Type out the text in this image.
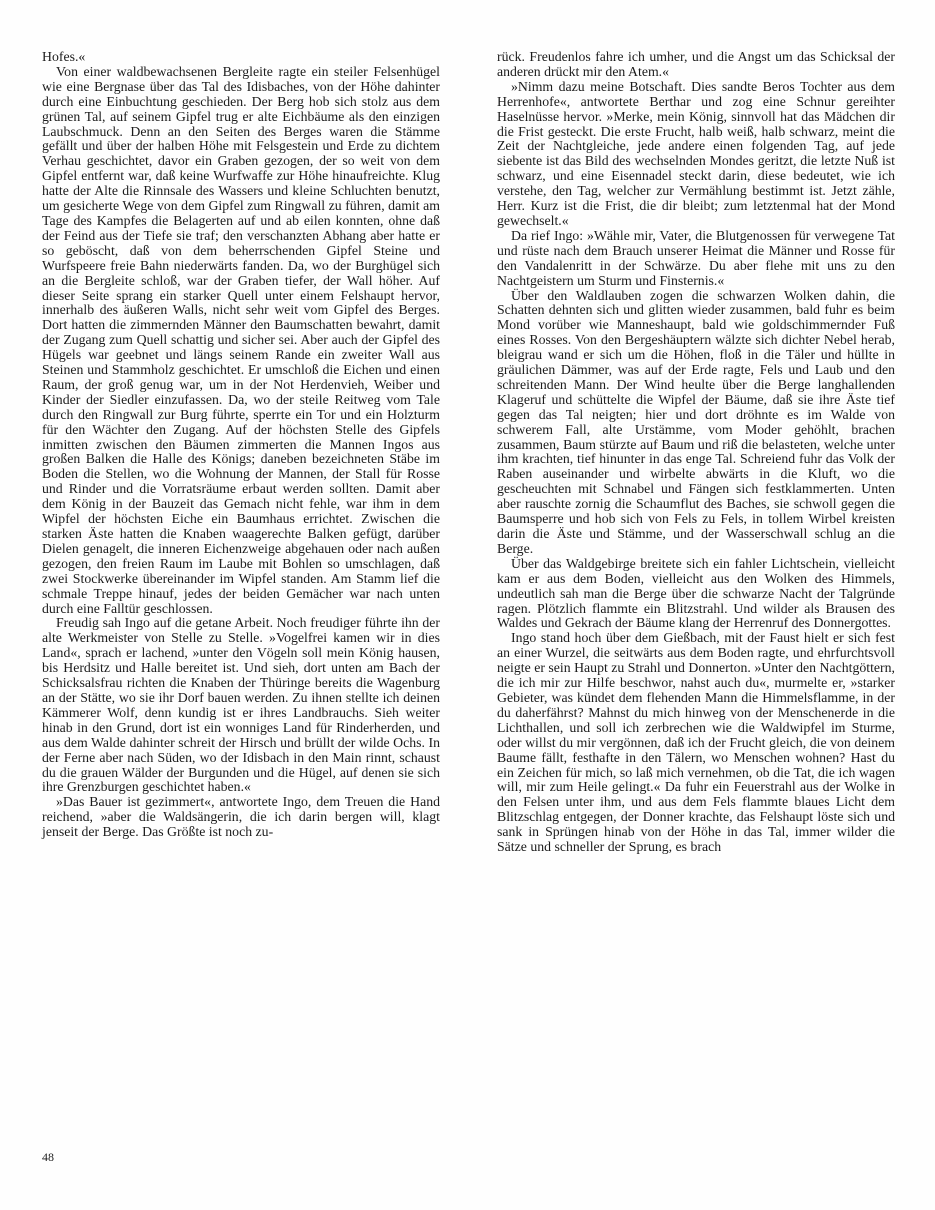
Hofes.«

Von einer waldbewachsenen Bergleite ragte ein steiler Felsenhügel wie eine Bergnase über das Tal des Idisbaches, von der Höhe dahinter durch eine Einbuchtung geschieden. Der Berg hob sich stolz aus dem grünen Tal, auf seinem Gipfel trug er alte Eichbäume als den einzigen Laubschmuck. Denn an den Seiten des Berges waren die Stämme gefällt und über der halben Höhe mit Felsgestein und Erde zu dichtem Verhau geschichtet, davor ein Graben gezogen, der so weit von dem Gipfel entfernt war, daß keine Wurfwaffe zur Höhe hinaufreichte. Klug hatte der Alte die Rinnsale des Wassers und kleine Schluchten benutzt, um gesicherte Wege von dem Gipfel zum Ringwall zu führen, damit am Tage des Kampfes die Belagerten auf und ab eilen konnten, ohne daß der Feind aus der Tiefe sie traf; den verschanzten Abhang aber hatte er so geböscht, daß von dem beherrschenden Gipfel Steine und Wurfspeere freie Bahn niederwärts fanden. Da, wo der Burghügel sich an die Bergleite schloß, war der Graben tiefer, der Wall höher. Auf dieser Seite sprang ein starker Quell unter einem Felshaupt hervor, innerhalb des äußeren Walls, nicht sehr weit vom Gipfel des Berges. Dort hatten die zimmernden Männer den Baumschatten bewahrt, damit der Zugang zum Quell schattig und sicher sei. Aber auch der Gipfel des Hügels war geebnet und längs seinem Rande ein zweiter Wall aus Steinen und Stammholz geschichtet. Er umschloß die Eichen und einen Raum, der groß genug war, um in der Not Herdenvieh, Weiber und Kinder der Siedler einzufassen. Da, wo der steile Reitweg vom Tale durch den Ringwall zur Burg führte, sperrte ein Tor und ein Holzturm für den Wächter den Zugang. Auf der höchsten Stelle des Gipfels inmitten zwischen den Bäumen zimmerten die Mannen Ingos aus großen Balken die Halle des Königs; daneben bezeichneten Stäbe im Boden die Stellen, wo die Wohnung der Mannen, der Stall für Rosse und Rinder und die Vorratsräume erbaut werden sollten. Damit aber dem König in der Bauzeit das Gemach nicht fehle, war ihm in dem Wipfel der höchsten Eiche ein Baumhaus errichtet. Zwischen die starken Äste hatten die Knaben waagerechte Balken gefügt, darüber Dielen genagelt, die inneren Eichenzweige abgehauen oder nach außen gezogen, den freien Raum im Laube mit Bohlen so umschlagen, daß zwei Stockwerke übereinander im Wipfel standen. Am Stamm lief die schmale Treppe hinauf, jedes der beiden Gemächer war nach unten durch eine Falltür geschlossen.

Freudig sah Ingo auf die getane Arbeit. Noch freudiger führte ihn der alte Werkmeister von Stelle zu Stelle. »Vogelfrei kamen wir in dies Land«, sprach er lachend, »unter den Vögeln soll mein König hausen, bis Herdsitz und Halle bereitet ist. Und sieh, dort unten am Bach der Schicksalsfrau richten die Knaben der Thüringe bereits die Wagenburg an der Stätte, wo sie ihr Dorf bauen werden. Zu ihnen stellte ich deinen Kämmerer Wolf, denn kundig ist er ihres Landbrauchs. Sieh weiter hinab in den Grund, dort ist ein wonniges Land für Rinderherden, und aus dem Walde dahinter schreit der Hirsch und brüllt der wilde Ochs. In der Ferne aber nach Süden, wo der Idisbach in den Main rinnt, schaust du die grauen Wälder der Burgunden und die Hügel, auf denen sie sich ihre Grenzburgen geschichtet haben.«

»Das Bauer ist gezimmert«, antwortete Ingo, dem Treuen die Hand reichend, »aber die Waldsängerin, die ich darin bergen will, klagt jenseit der Berge. Das Größte ist noch zu-

rück. Freudenlos fahre ich umher, und die Angst um das Schicksal der anderen drückt mir den Atem.«

»Nimm dazu meine Botschaft. Dies sandte Beros Tochter aus dem Herrenhofe«, antwortete Berthar und zog eine Schnur gereihter Haselnüsse hervor. »Merke, mein König, sinnvoll hat das Mädchen dir die Frist gesteckt. Die erste Frucht, halb weiß, halb schwarz, meint die Zeit der Nachtgleiche, jede andere einen folgenden Tag, auf jede siebente ist das Bild des wechselnden Mondes geritzt, die letzte Nuß ist schwarz, und eine Eisennadel steckt darin, diese bedeutet, wie ich verstehe, den Tag, welcher zur Vermählung bestimmt ist. Jetzt zähle, Herr. Kurz ist die Frist, die dir bleibt; zum letztenmal hat der Mond gewechselt.«

Da rief Ingo: »Wähle mir, Vater, die Blutgenossen für verwegene Tat und rüste nach dem Brauch unserer Heimat die Männer und Rosse für den Vandalenritt in der Schwärze. Du aber flehe mit uns zu den Nachtgeistern um Sturm und Finsternis.«

Über den Waldlauben zogen die schwarzen Wolken dahin, die Schatten dehnten sich und glitten wieder zusammen, bald fuhr es beim Mond vorüber wie Manneshaupt, bald wie goldschimmernder Fuß eines Rosses. Von den Bergeshäuptern wälzte sich dichter Nebel herab, bleigrau wand er sich um die Höhen, floß in die Täler und hüllte in gräulichen Dämmer, was auf der Erde ragte, Fels und Laub und den schreitenden Mann. Der Wind heulte über die Berge langhallenden Klageruf und schüttelte die Wipfel der Bäume, daß sie ihre Äste tief gegen das Tal neigten; hier und dort dröhnte es im Walde von schwerem Fall, alte Urstämme, vom Moder gehöhlt, brachen zusammen, Baum stürzte auf Baum und riß die belasteten, welche unter ihm krachten, tief hinunter in das enge Tal. Schreiend fuhr das Volk der Raben auseinander und wirbelte abwärts in die Kluft, wo die gescheuchten mit Schnabel und Fängen sich festklammerten. Unten aber rauschte zornig die Schaumflut des Baches, sie schwoll gegen die Baumsperre und hob sich von Fels zu Fels, in tollem Wirbel kreisten darin die Äste und Stämme, und der Wasserschwall schlug an die Berge.

Über das Waldgebirge breitete sich ein fahler Lichtschein, vielleicht kam er aus dem Boden, vielleicht aus den Wolken des Himmels, undeutlich sah man die Berge über die schwarze Nacht der Talgründe ragen. Plötzlich flammte ein Blitzstrahl. Und wilder als Brausen des Waldes und Gekrach der Bäume klang der Herrenruf des Donnergottes.

Ingo stand hoch über dem Gießbach, mit der Faust hielt er sich fest an einer Wurzel, die seitwärts aus dem Boden ragte, und ehrfurchtsvoll neigte er sein Haupt zu Strahl und Donnerton. »Unter den Nachtgöttern, die ich mir zur Hilfe beschwor, nahst auch du«, murmelte er, »starker Gebieter, was kündet dem flehenden Mann die Himmelsflamme, in der du daherfährst? Mahnst du mich hinweg von der Menschenerde in die Lichthallen, und soll ich zerbrechen wie die Waldwipfel im Sturme, oder willst du mir vergönnen, daß ich der Frucht gleich, die von deinem Baume fällt, festhafte in den Tälern, wo Menschen wohnen? Hast du ein Zeichen für mich, so laß mich vernehmen, ob die Tat, die ich wagen will, mir zum Heile gelingt.« Da fuhr ein Feuerstrahl aus der Wolke in den Felsen unter ihm, und aus dem Fels flammte blaues Licht dem Blitzschlag entgegen, der Donner krachte, das Felshaupt löste sich und sank in Sprüngen hinab von der Höhe in das Tal, immer wilder die Sätze und schneller der Sprung, es brach

48
